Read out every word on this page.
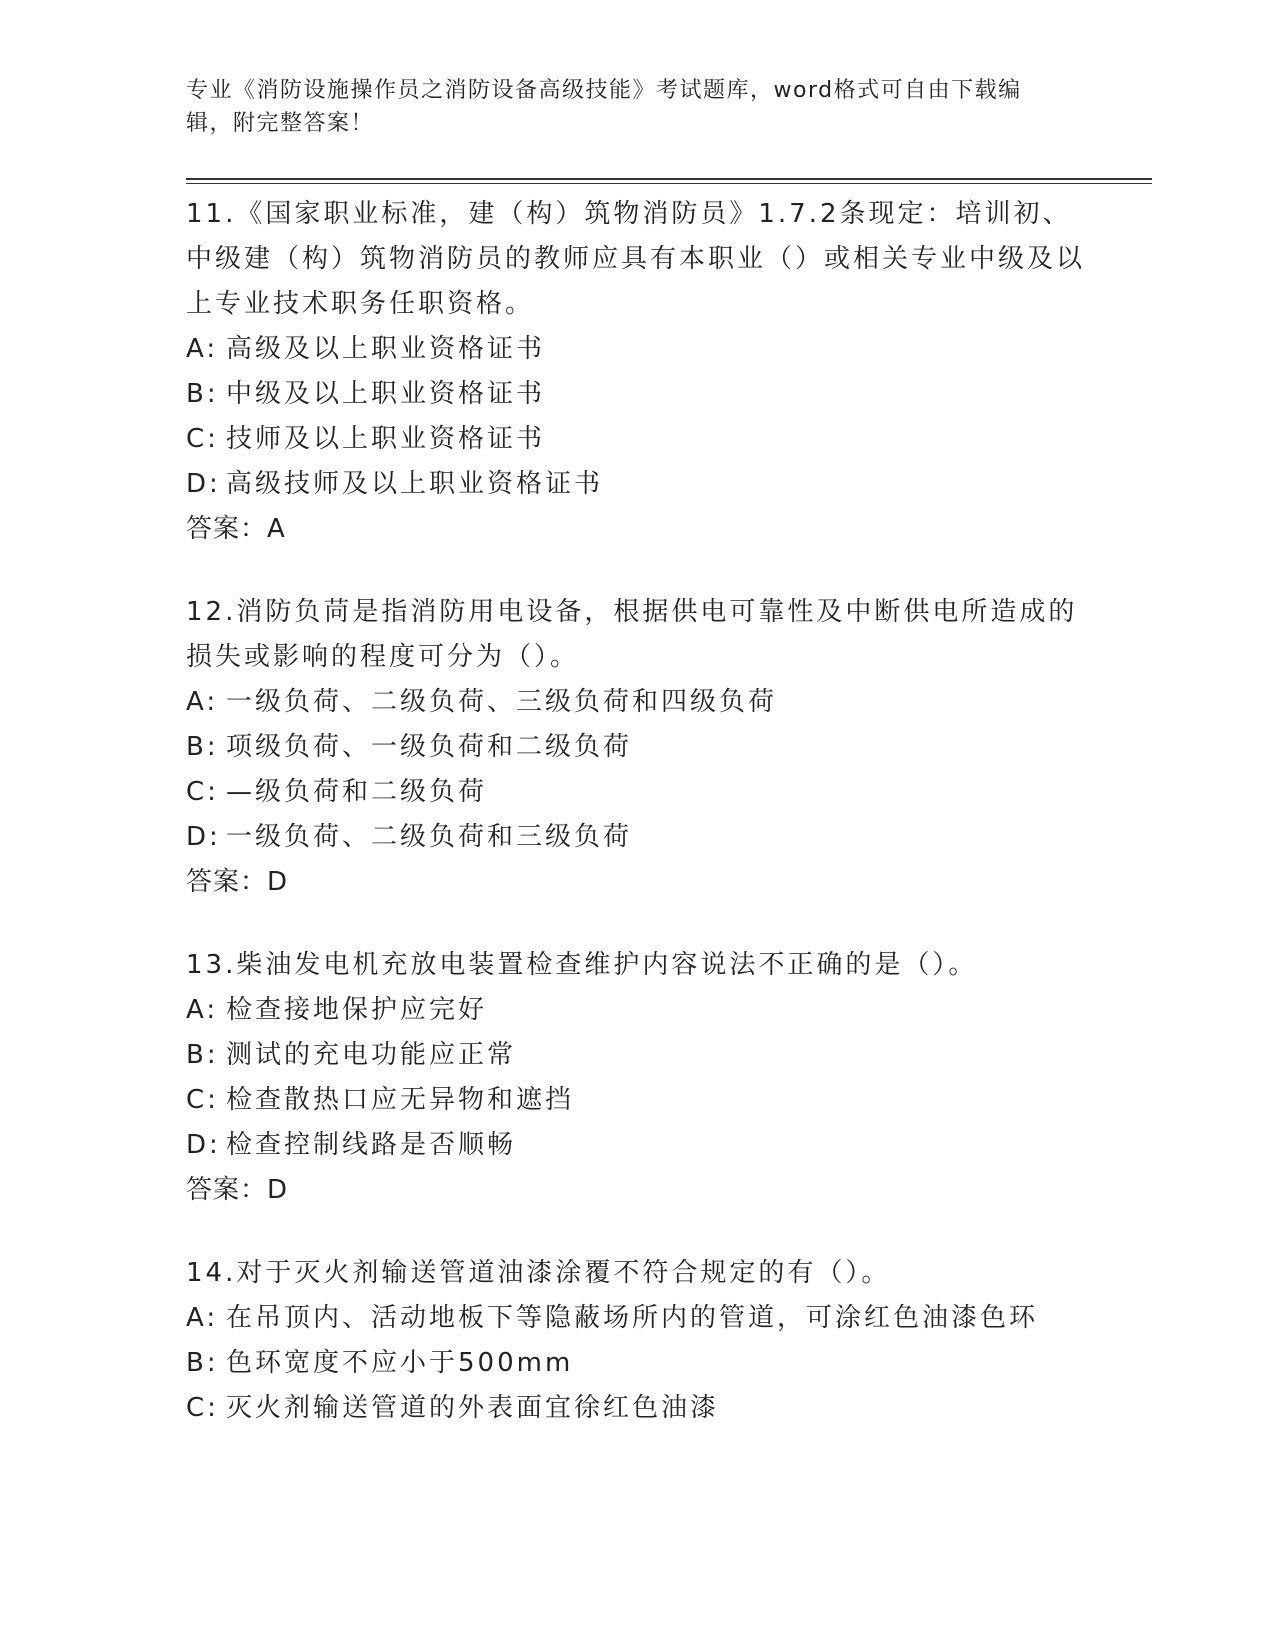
专业《消防设施操作员之消防设备高级技能》考试题库，word格式可自由下载编辑，附完整答案！

11.《国家职业标准，建（构）筑物消防员》1.7.2条现定：培训初、中级建（构）筑物消防员的教师应具有本职业（）或相关专业中级及以上专业技术职务任职资格。

A: 高级及以上职业资格证书

B: 中级及以上职业资格证书

C: 技师及以上职业资格证书

D: 高级技师及以上职业资格证书

答案：A

12.消防负苘是指消防用电设备，根据供电可靠性及中断供电所造成的损失或影响的程度可分为（）。

A: 一级负荷、二级负荷、三级负荷和四级负荷

B: 项级负荷、一级负荷和二级负荷

C: —级负荷和二级负荷

D: 一级负荷、二级负荷和三级负荷

答案：D

13.柴油发电机充放电装置检查维护内容说法不正确的是（）。

A: 检查接地保护应完好

B: 测试的充电功能应正常

C: 检查散热口应无异物和遮挡

D: 检查控制线路是否顺畅

答案：D

14.对于灭火剂输送管道油漆涂覆不符合规定的有（）。

A: 在吊顶内、活动地板下等隐蔽场所内的管道，可涂红色油漆色环

B: 色环宽度不应小于500mm

C: 灭火剂输送管道的外表面宜徐红色油漆
